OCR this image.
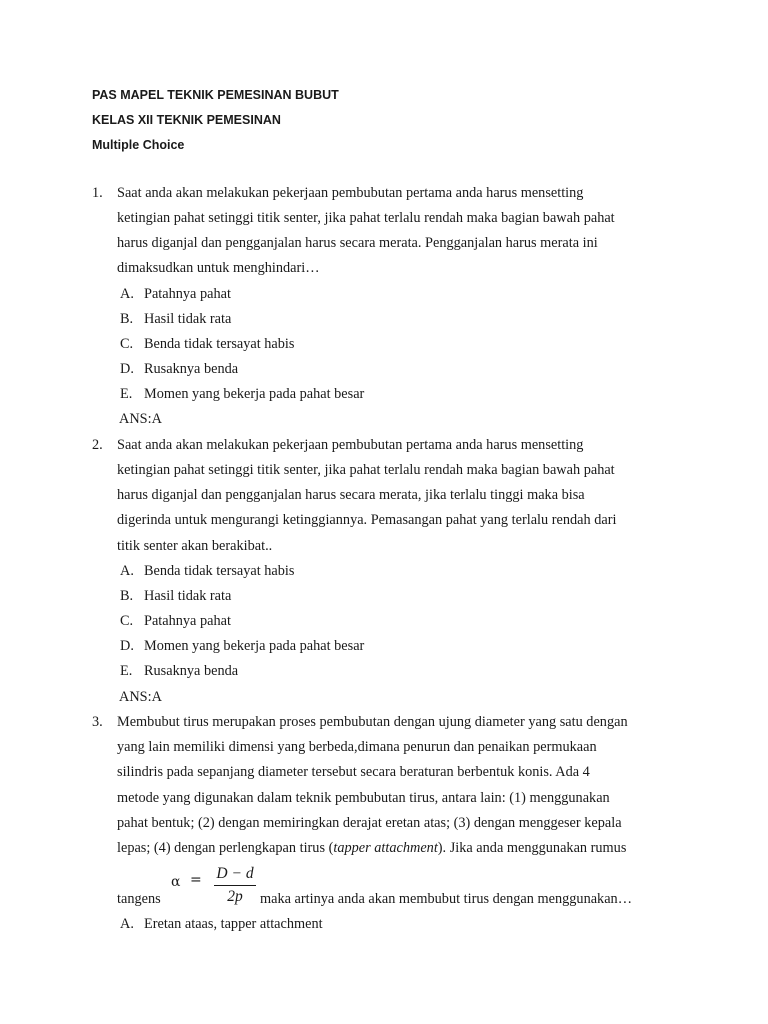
PAS MAPEL TEKNIK PEMESINAN BUBUT
KELAS XII TEKNIK PEMESINAN
Multiple Choice
1. Saat anda akan melakukan pekerjaan pembubutan pertama anda harus mensetting
ketingian pahat setinggi titik senter, jika pahat terlalu rendah maka bagian bawah pahat
harus diganjal dan pengganjalan harus secara merata. Pengganjalan harus merata ini
dimaksudkan untuk menghindari…
A. Patahnya pahat
B. Hasil tidak rata
C. Benda tidak tersayat habis
D. Rusaknya benda
E. Momen yang bekerja pada pahat besar
ANS:A
2. Saat anda akan melakukan pekerjaan pembubutan pertama anda harus mensetting
ketingian pahat setinggi titik senter, jika pahat terlalu rendah maka bagian bawah pahat
harus diganjal dan pengganjalan harus secara merata, jika terlalu tinggi maka bisa
digerinda untuk mengurangi ketinggiannya. Pemasangan pahat yang terlalu rendah dari
titik senter akan berakibat..
A. Benda tidak tersayat habis
B. Hasil tidak rata
C. Patahnya pahat
D. Momen yang bekerja pada pahat besar
E. Rusaknya benda
ANS:A
3. Membubut tirus merupakan proses pembubutan dengan ujung diameter yang satu dengan
yang lain memiliki dimensi yang berbeda,dimana penurun dan penaikan permukaan
silindris pada sepanjang diameter tersebut secara beraturan berbentuk konis. Ada 4
metode yang digunakan dalam teknik pembubutan tirus, antara lain: (1) menggunakan
pahat bentuk; (2) dengan memiringkan derajat eretan atas; (3) dengan menggeser kepala
lepas; (4) dengan perlengkapan tirus (tapper attachment). Jika anda menggunakan rumus
tangens
α = D − d
2p	maka artinya anda akan membubut tirus dengan menggunakan…
A. Eretan ataas, tapper attachment
